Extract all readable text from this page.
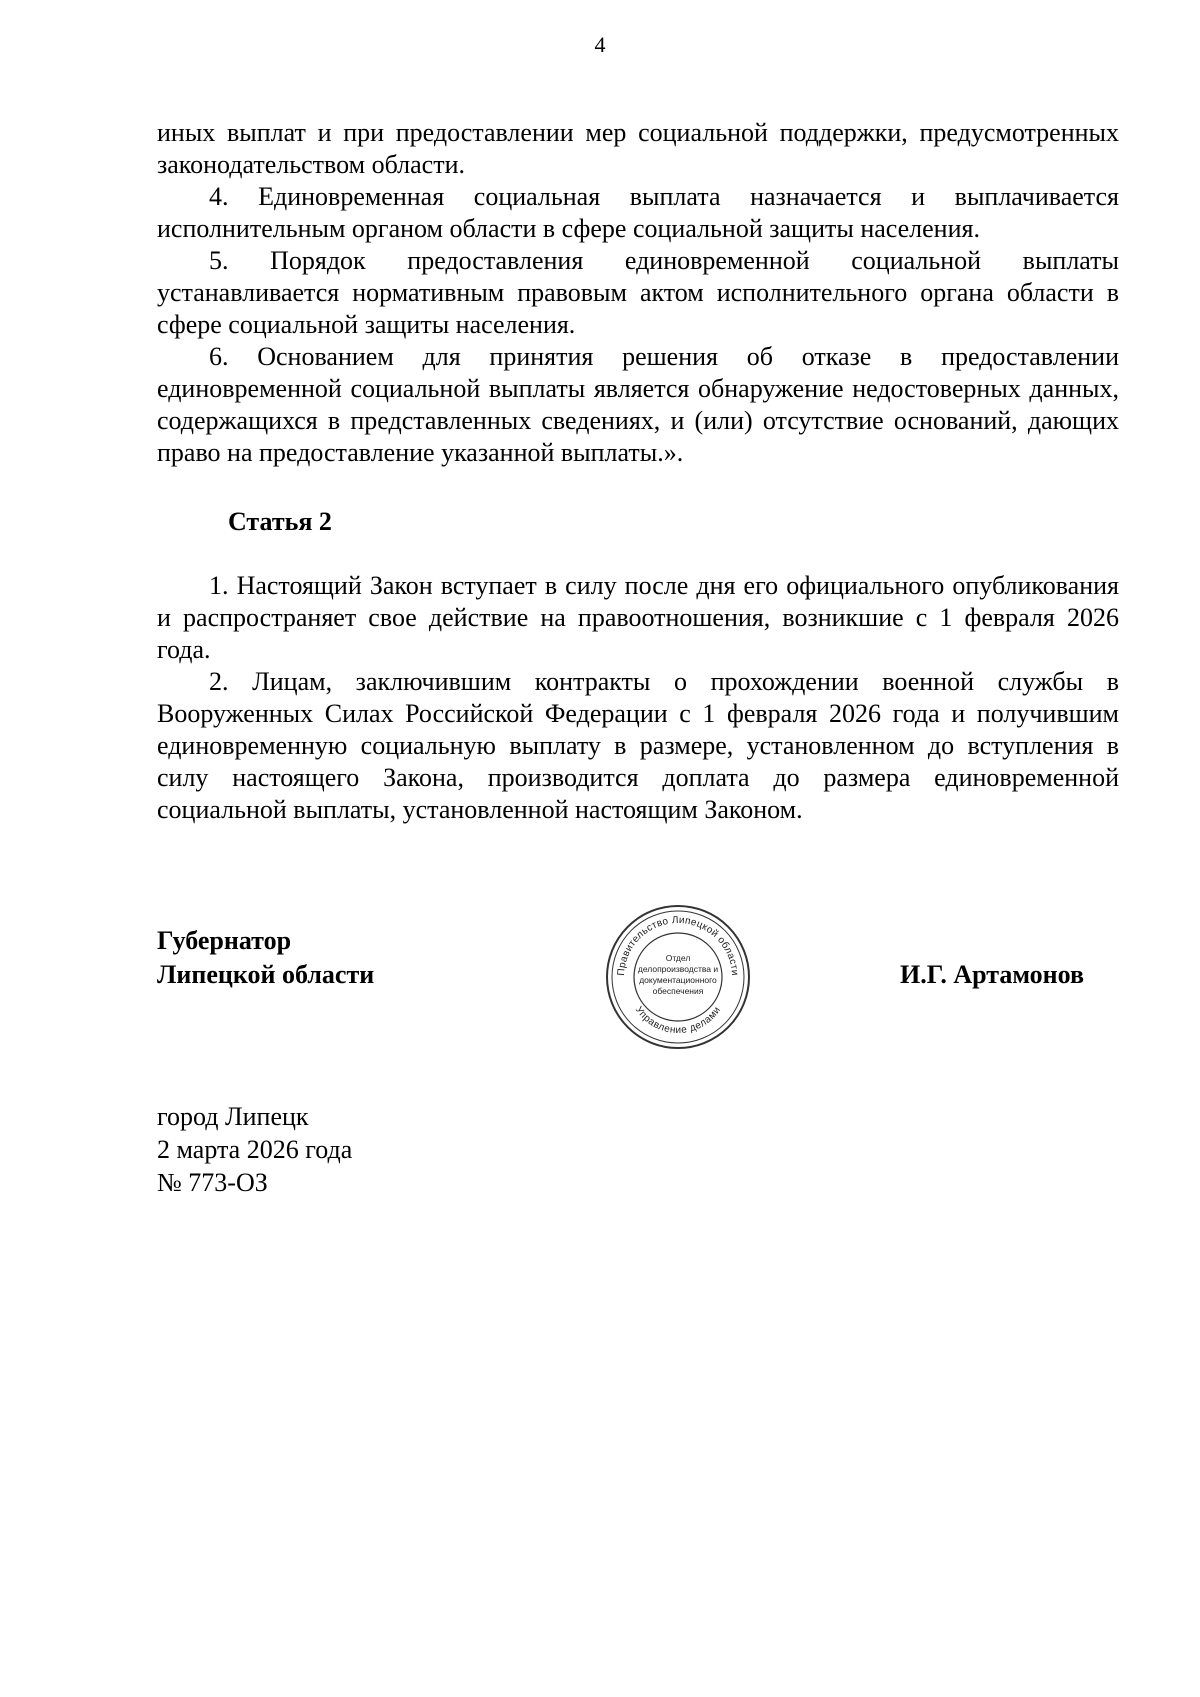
4

иных выплат и при предоставлении мер социальной поддержки, предусмотренных законодательством области.

4. Единовременная социальная выплата назначается и выплачивается исполнительным органом области в сфере социальной защиты населения.

5. Порядок предоставления единовременной социальной выплаты устанавливается нормативным правовым актом исполнительного органа области в сфере социальной защиты населения.

6. Основанием для принятия решения об отказе в предоставлении единовременной социальной выплаты является обнаружение недостоверных данных, содержащихся в представленных сведениях, и (или) отсутствие оснований, дающих право на предоставление указанной выплаты.».

Статья 2

1. Настоящий Закон вступает в силу после дня его официального опубликования и распространяет свое действие на правоотношения, возникшие с 1 февраля 2026 года.

2. Лицам, заключившим контракты о прохождении военной службы в Вооруженных Силах Российской Федерации с 1 февраля 2026 года и получившим единовременную социальную выплату в размере, установленном до вступления в силу настоящего Закона, производится доплата до размера единовременной социальной выплаты, установленной настоящим Законом.

Губернатор
Липецкой области	Правительство Липецкой области
Управление делами
Отдел
делопроизводства и
документационного
обеспечения
И.Г. Артамонов
город Липецк
2 марта 2026 года
№ 773-ОЗ
